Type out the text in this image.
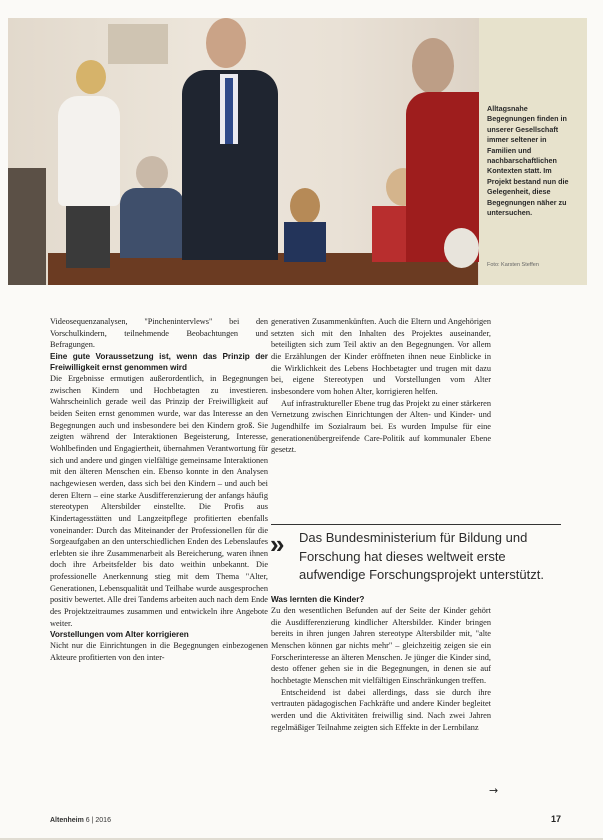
Alltagsnahe Begegnungen finden in unserer Gesellschaft immer seltener in Familien und nachbarschaftlichen Kontexten statt. Im Projekt bestand nun die Gelegenheit, diese Begegnungen näher zu untersuchen.
Foto: Karsten Steffen

Videosequenzanalysen, "Pinchenintervlews" bei den Vorschulkindern, teilnehmende Beobachtungen und Befragungen.

Eine gute Voraussetzung ist, wenn das Prinzip der Freiwilligkeit ernst genommen wird

Die Ergebnisse ermutigen außerordentlich, in Begegnungen zwischen Kindern und Hochbetagten zu investieren. Wahrscheinlich gerade weil das Prinzip der Freiwilligkeit auf beiden Seiten ernst genommen wurde, war das Interesse an den Begegnungen auch und insbesondere bei den Kindern groß. Sie zeigten während der Interaktionen Begeisterung, Interesse, Wohlbefinden und Engagiertheit, übernahmen Verantwortung für sich und andere und gingen vielfältige gemeinsame Interaktionen mit den älteren Menschen ein. Ebenso konnte in den Analysen nachgewiesen werden, dass sich bei den Kindern – und auch bei deren Eltern – eine starke Ausdifferenzierung der anfangs häufig stereotypen Altersbilder einstellte. Die Profis aus Kindertagesstätten und Langzeitpflege profitierten ebenfalls voneinander: Durch das Miteinander der Professionellen für die Sorgeaufgaben an den unterschiedlichen Enden des Lebenslaufes erlebten sie ihre Zusammenarbeit als Bereicherung, waren ihnen doch ihre Arbeitsfelder bis dato weithin unbekannt. Die professionelle Anerkennung stieg mit dem Thema "Alter, Generationen, Lebensqualität und Teilhabe wurde ausgesprochen positiv bewertet. Alle drei Tandems arbeiten auch nach dem Ende des Projektzeitraumes zusammen und entwickeln ihre Angebote weiter.

Vorstellungen vom Alter korrigieren

Nicht nur die Einrichtungen in die Begegnungen einbezogenen Akteure profitierten von den inter-

generativen Zusammenkünften. Auch die Eltern und Angehörigen setzten sich mit den Inhalten des Projektes auseinander, beteiligten sich zum Teil aktiv an den Begegnungen. Vor allem die Erzählungen der Kinder eröffneten ihnen neue Einblicke in die Wirklichkeit des Lebens Hochbetagter und trugen mit dazu bei, eigene Stereotypen und Vorstellungen vom Alter insbesondere vom hohen Alter, korrigieren helfen.

Auf infrastruktureller Ebene trug das Projekt zu einer stärkeren Vernetzung zwischen Einrichtungen der Alten- und Kinder- und Jugendhilfe im Sozialraum bei. Es wurden Impulse für eine generationenübergreifende Care-Politik auf kommunaler Ebene gesetzt.

» Das Bundesministerium für Bildung und Forschung hat dieses weltweit erste aufwendige Forschungsprojekt unterstützt.

Was lernten die Kinder?

Zu den wesentlichen Befunden auf der Seite der Kinder gehört die Ausdifferenzierung kindlicher Altersbilder. Kinder bringen bereits in ihren jungen Jahren stereotype Altersbilder mit, "alte Menschen können gar nichts mehr" – gleichzeitig zeigen sie ein Forscherinteresse an älteren Menschen. Je jünger die Kinder sind, desto offener gehen sie in die Begegnungen, in denen sie auf hochbetagte Menschen mit vielfältigen Einschränkungen treffen.

Entscheidend ist dabei allerdings, dass sie durch ihre vertrauten pädagogischen Fachkräfte und andere Kinder begleitet werden und die Aktivitäten freiwillig sind. Nach zwei Jahren regelmäßiger Teilnahme zeigten sich Effekte in der Lernbilanz

→
Altenheim 6 | 2016	17
